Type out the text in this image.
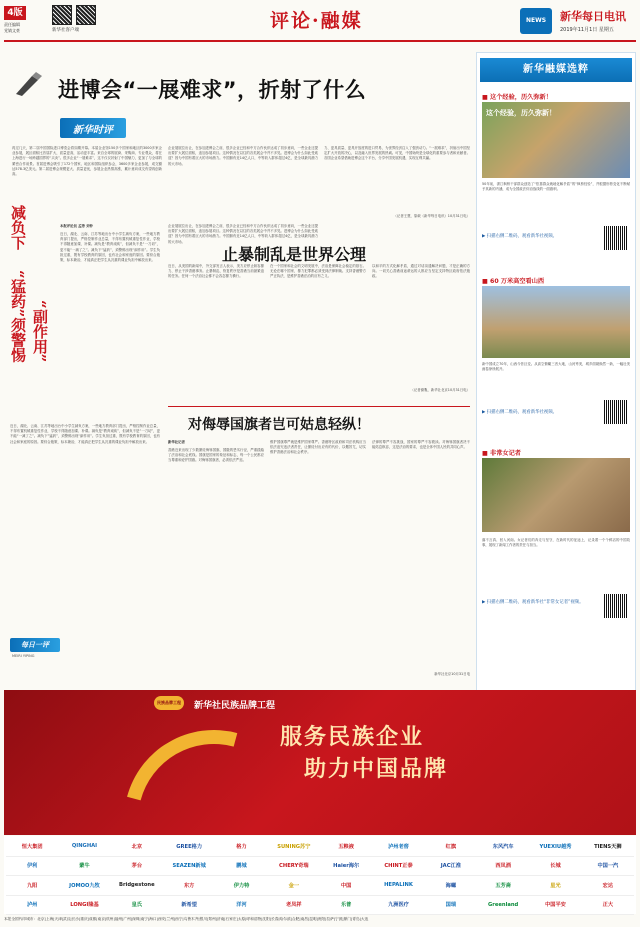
4版
责任编辑
党婧文豪	新华社客户端	评论·融媒	NEWS	新华每日电讯
2019年11月1日 星期五
进博会“一展难求”，折射了什么
新华时评
再过几天，第二届中国国际进口博览会将如期开幕。本届企业馆150多个国家和地区的3000多家企业参展，展区面积比首届扩大，质量更高，活动更丰富。来自全球的展商、采购商、专业观众，将在上海进行一场跨越国界的“买卖”。很多企业“一展难求”，这不仅仅折射了中国魅力，更加了与全球的紧密合作前景。首届进博会吸引了172个国家、地区和国际组织参会，3600多家企业参展，成交额达578.3亿美元。第二届进博会规模更大、质量更优，参展企业热情高涨，累计意向成交有望再创新高。
企业展展位出让，在参加进博会之前，很多企业已经和中方合作伙伴达成了初步意向，一些企业还提出要扩大展位面积，追加参展项目。这种情况在以往的各类展会中并不多见。进博会为什么如此受欢迎？因为中国有着巨大的市场潜力。中国拥有近14亿人口，中等收入群体超过4亿，是全球最具潜力的大市场。
力、更具质量、更具开放度的进口贸易，为世界经济注入了强劲动力。“一展难求”，折射出中国坚定扩大开放的决心，以及融入世界发展的热诚。可见，中国始终是全球化的重要参与者和贡献者。各国企业希望借助进博会这个平台，分享中国发展机遇，实现互利共赢。
（记者王慧，原载《新华每日电讯》10月31日电）
减负下
“猛药”须警惕 “副作用”
本报评论员 孟涛 刘仲
近日，湖北、云南、江苏等地出台中小学生减负方案，一些地方教育部门提出，严格控制作业总量，不得布置机械重复性作业，学校不得随意加课、补课。减负是“教育顽疾”，但减负不是“一刀切”，更不能“一减了之”。减负下“猛药”，须警惕出现“副作用”。学生负担过重，既有学校教育的原因，也有社会和家庭的原因。要综合施策，标本兼治，才能真正把学生从沉重的课业负担中解放出来。
近日，湖北、云南、江苏等地出台中小学生减负方案，一些地方教育部门提出，严格控制作业总量，不得布置机械重复性作业，学校不得随意加课、补课。减负是“教育顽疾”，但减负不是“一刀切”，更不能“一减了之”。减负下“猛药”，须警惕出现“副作用”。学生负担过重，既有学校教育的原因，也有社会和家庭的原因。要综合施策，标本兼治，才能真正把学生从沉重的课业负担中解放出来。
每日一评
MEIRI YIPING
企业展展位出让，在参加进博会之前，很多企业已经和中方合作伙伴达成了初步意向，一些企业还提出要扩大展位面积，追加参展项目。这种情况在以往的各类展会中并不多见。进博会为什么如此受欢迎？因为中国有着巨大的市场潜力。中国拥有近14亿人口，中等收入群体超过4亿，是全球最具潜力的大市场。
止暴制乱是世界公理
近日，从美国的新闻中，外交部发言人表示，美方应停止纵容暴力、停止干涉香港事务。止暴制乱、恢复秩序是香港当前最紧迫的任务。任何一个法治社会都不会容忍暴力横行。
在一个国家和社会的文明发展中，法治是保障社会稳定的基石。无论在哪个国家，暴力犯罪都必须受到法律制裁。支持香港警方严正执法，是维护香港法治的应有之义。
以和平的方式化解矛盾，通过对话沟通解决问题，才是正确的方向。一切关心香港前途命运的人都应当坚定支持特区政府依法施政。
（记者谢胤，新华社北京10月31日电）
对侮辱国旗者岂可姑息轻纵！
新华社记者
香港近来出现了少数暴徒侮辱国旗、国徽的恶劣行径，严重践踏了法治和社会底线。国旗是国家的象征和标志，每一个公民都应当尊重和爱护国旗。对侮辱国旗者，必须依法严惩。
维护国旗尊严就是维护国家尊严。香港特区政府和司法机构应当依法追究违法者责任，让暴徒付出应有的代价，以儆效尤，切实维护香港法治和社会秩序。
法律的尊严不容挑战，国家的尊严不容亵渎。对侮辱国旗者决不能姑息纵容，这是法治的要求，也是全体中国人民的共同心声。
新华社北京10月31日电
新华融媒选粹
■ 这个经验，历久弥新！
这个经验，历久弥新！
50年前，浙江枫桥干部群众创造了“依靠群众就地化解矛盾”的“枫桥经验”，并根据形势变化不断赋予其新的内涵，成为全国政法综治战线的一面旗帜。
▶ 扫描右侧二维码，观看新华社视频。
■ 60 万米高空看山西
新中国成立70年，山西今昔巨变。从高空俯瞰三晋大地，山河秀美，城乡面貌焕然一新，一幅壮美画卷徐徐展开。
▶ 扫描右侧二维码，观看新华社视频。
■ 非常女记者
落不言真、回入河南。女记者们的奔走与坚守，在新时代的征途上，记录着一个个鲜活的中国故事，展现了新闻工作者的责任与担当。
▶ 扫描右侧二维码，观看新华社“非常女记者”视频。
民族品牌工程	新华社民族品牌工程
服务民族企业
助力中国品牌
恒大集团	QINGHAI	北京	GREE格力	格力	SUNING苏宁	五粮液	泸州老窖	红旗	东风汽车	YUEXIU越秀	TIENS天狮
伊利	蒙牛	茅台	SEAZEN新城	鹏城	CHERY奇瑞	Haier海尔	CHINT正泰	JAC江淮	西凤酒	长城	中国一汽
九阳	JOMOO九牧	Bridgestone	东方	伊力特	金一	中国	HEPALINK	海螺	五芳斋	星光	宏达
泸州	LONGI隆基	皇氏	新希望	洋河	老凤祥	乐普	九洲医疗	国瑞	Greenland	中国平安	正大
本报全国代印城市：北京|上海|天津|武汉|长沙|重庆|成都|南京|杭州|福州|广州|深圳|南宁|海口|西安|兰州|西宁|乌鲁木齐|银川|郑州|济南|石家庄|太原|呼和浩特|沈阳|长春|哈尔滨|合肥|南昌|昆明|贵阳|拉萨|宁波|厦门|青岛|大连
